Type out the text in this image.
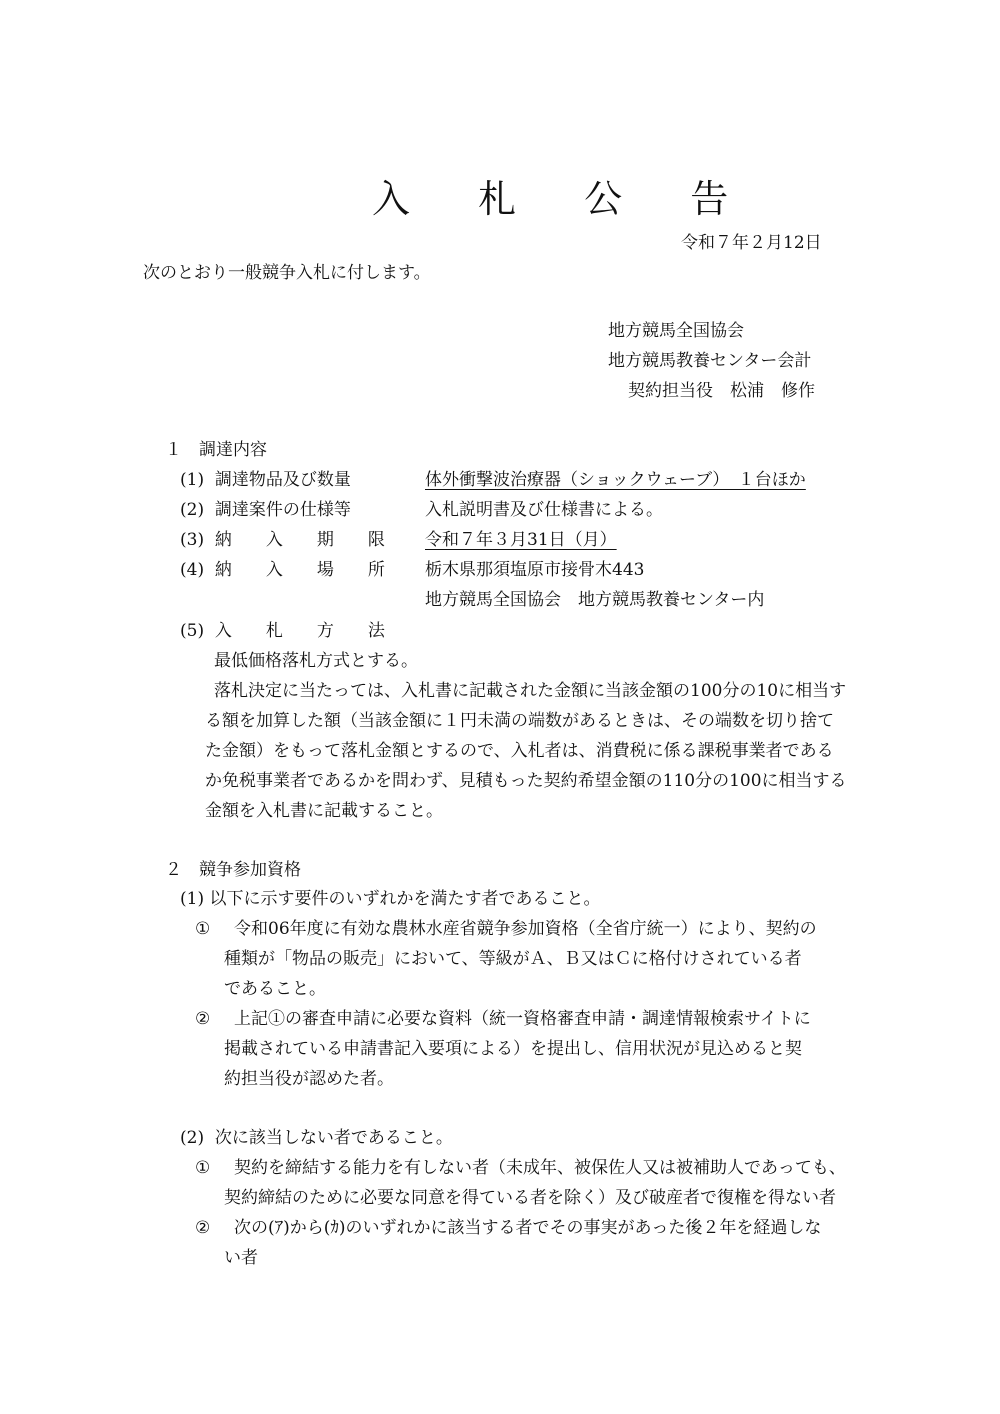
入 札 公 告
令和７年２月12日
次のとおり一般競争入札に付します。
地方競馬全国協会
地方競馬教養センター会計
契約担当役　松浦　修作
１　調達内容
(1)  調達物品及び数量	体外衝撃波治療器（ショックウェーブ）　１台ほか
(2)  調達案件の仕様等	入札説明書及び仕様書による。
(3)  納　　入　　期　　限 令和７年３月31日（月）
(4)  納　　入　　場　　所 栃木県那須塩原市接骨木443
地方競馬全国協会　地方競馬教養センター内
(5)  入　　札　　方　　法
最低価格落札方式とする。
落札決定に当たっては、入札書に記載された金額に当該金額の100分の10に相当す
る額を加算した額（当該金額に１円未満の端数があるときは、その端数を切り捨て
た金額）をもって落札金額とするので、入札者は、消費税に係る課税事業者である
か免税事業者であるかを問わず、見積もった契約希望金額の110分の100に相当する
金額を入札書に記載すること。
２　競争参加資格
(1) 以下に示す要件のいずれかを満たす者であること。
① 令和06年度に有効な農林水産省競争参加資格（全省庁統一）により、契約の
種類が「物品の販売」において、等級がＡ、Ｂ又はＣに格付けされている者
であること。
② 上記①の審査申請に必要な資料（統一資格審査申請・調達情報検索サイトに
掲載されている申請書記入要項による）を提出し、信用状況が見込めると契
約担当役が認めた者。
(2)  次に該当しない者であること。
① 契約を締結する能力を有しない者（未成年、被保佐人又は被補助人であっても、
契約締結のために必要な同意を得ている者を除く）及び破産者で復権を得ない者
② 次の(ｱ)から(ｶ)のいずれかに該当する者でその事実があった後２年を経過しな
い者
